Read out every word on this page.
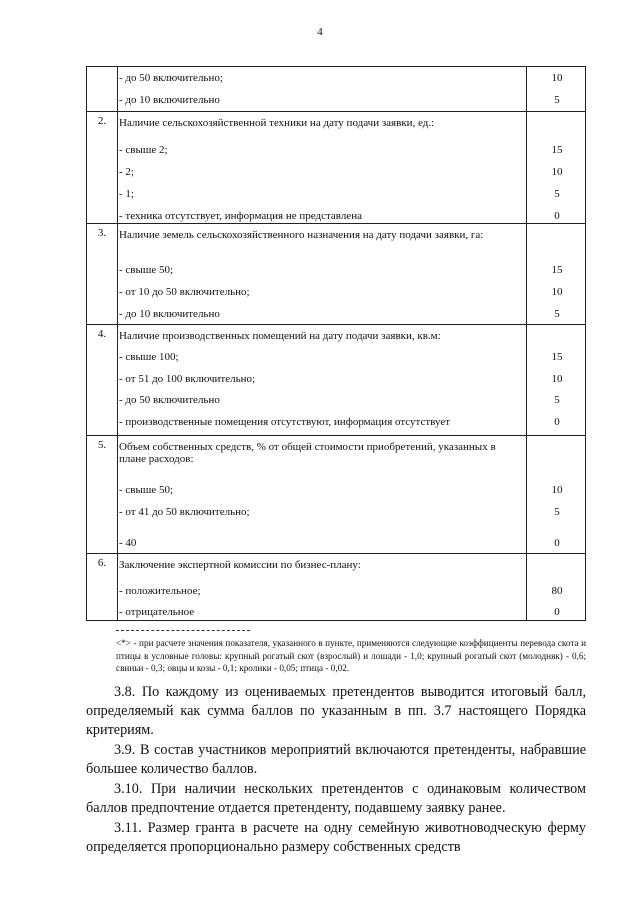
4
- до 50 включительно;	10
- до 10 включительно	5
2.	Наличие сельскохозяйственной техники на дату подачи заявки, ед.:
- свыше 2;	15
- 2;	10
- 1;	5
- техника отсутствует, информация не представлена	0
3.	Наличие земель сельскохозяйственного назначения на дату подачи заявки, га:
- свыше 50;	15
- от 10 до 50 включительно;	10
- до 10 включительно	5
4.	Наличие производственных помещений на дату подачи заявки, кв.м:
- свыше 100;	15
- от 51 до 100 включительно;	10
- до 50 включительно	5
- производственные помещения отсутствуют, информация отсутствует	0
5.	Объем собственных средств, % от общей стоимости приобретений, указанных в плане расходов:
- свыше 50;	10
- от 41 до 50 включительно;	5
- 40	0
6.	Заключение экспертной комиссии по бизнес-плану:
- положительное;	80
- отрицательное	0
<*> - при расчете значения показателя, указанного в пункте, применяются следующие коэффициенты перевода скота и птицы в условные головы: крупный рогатый скот (взрослый) и лошади - 1,0; крупный рогатый скот (молодняк) - 0,6; свиньи - 0,3; овцы и козы - 0,1; кролики - 0,05; птица - 0,02.

3.8. По каждому из оцениваемых претендентов выводится итоговый балл, определяемый как сумма баллов по указанным в пп. 3.7 настоящего Порядка критериям.

3.9. В состав участников мероприятий включаются претенденты, набравшие большее количество баллов.

3.10. При наличии нескольких претендентов с одинаковым количеством баллов предпочтение отдается претенденту, подавшему заявку ранее.

3.11. Размер гранта в расчете на одну семейную животноводческую ферму определяется пропорционально размеру собственных средств
